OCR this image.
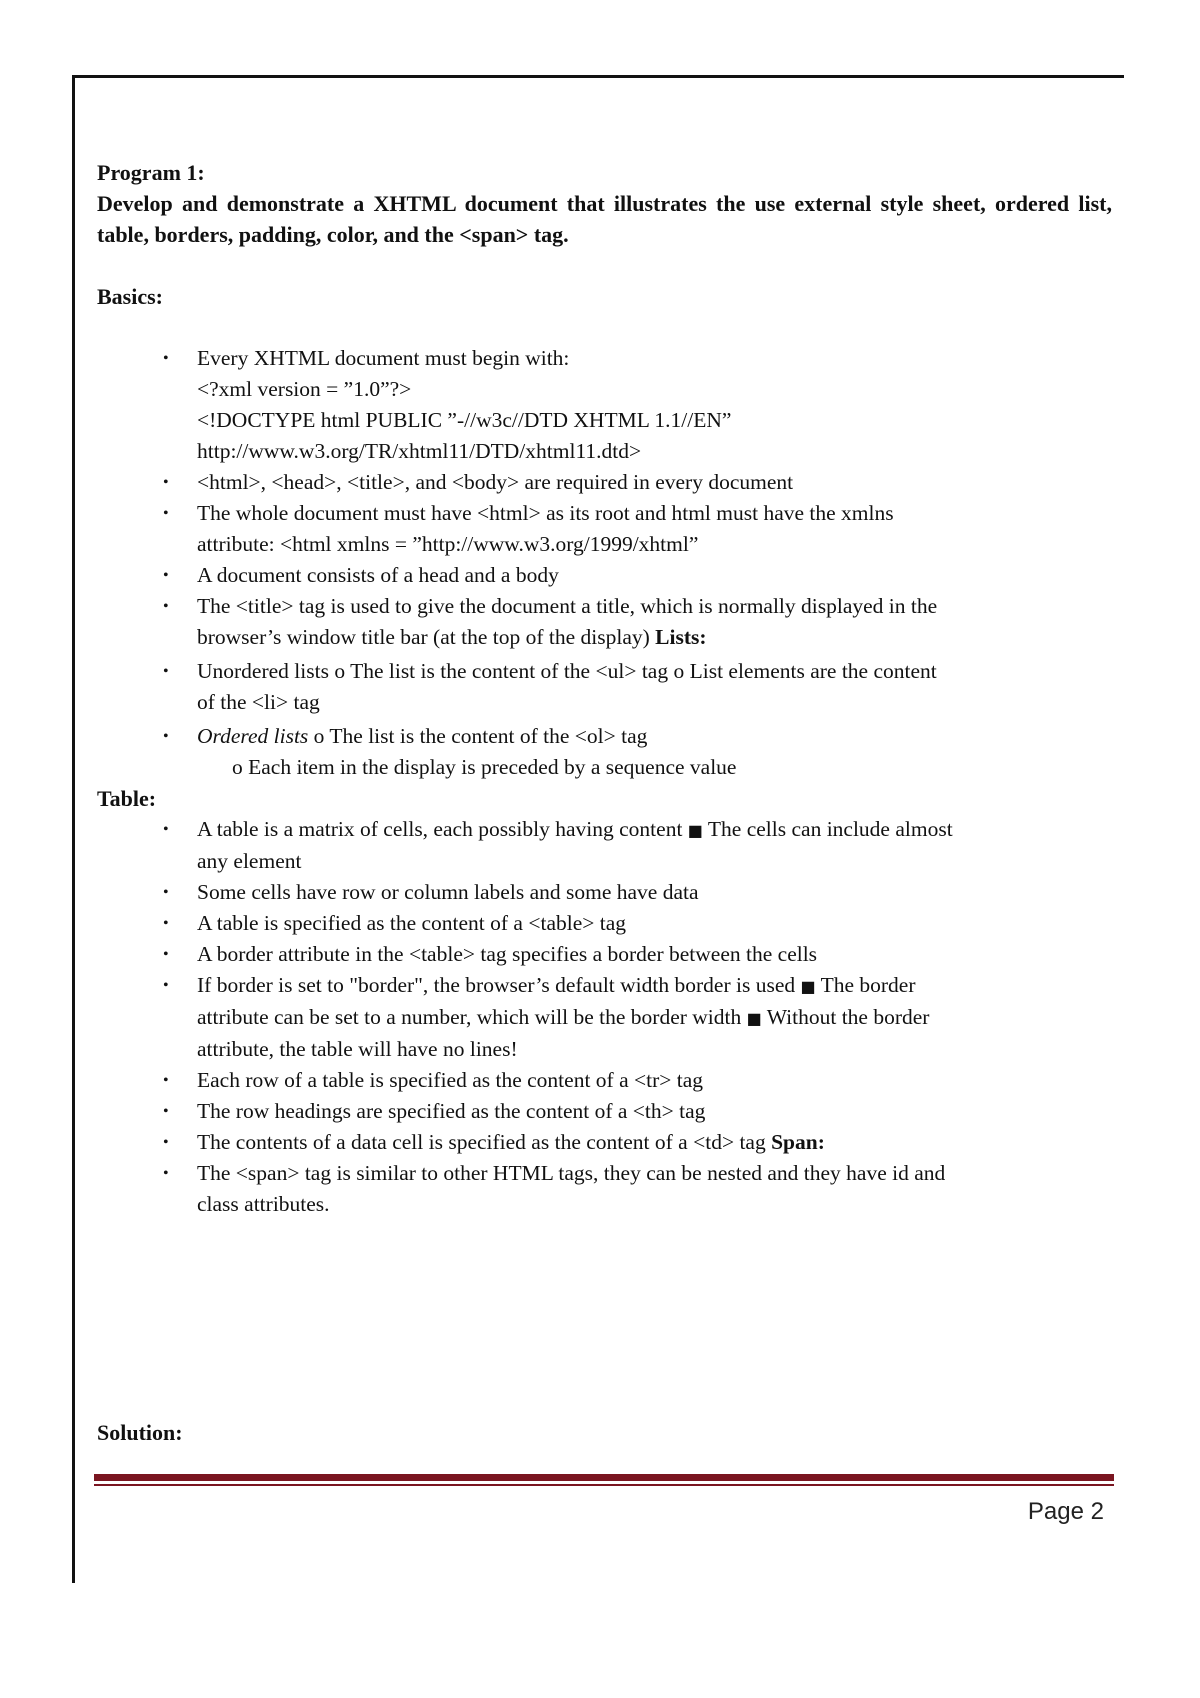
Program 1:

Develop and demonstrate a XHTML document that illustrates the use external style sheet, ordered list, table, borders, padding, color, and the <span> tag.

Basics:

• Every XHTML document must begin with:
<?xml version = ”1.0”?>
<!DOCTYPE html PUBLIC ”-//w3c//DTD XHTML 1.1//EN”
http://www.w3.org/TR/xhtml11/DTD/xhtml11.dtd>
• <html>, <head>, <title>, and <body> are required in every document
• The whole document must have <html> as its root and html must have the xmlns
attribute: <html xmlns = ”http://www.w3.org/1999/xhtml”
• A document consists of a head and a body
• The <title> tag is used to give the document a title, which is normally displayed in the
browser’s window title bar (at the top of the display) Lists:
• Unordered lists o The list is the content of the <ul> tag o List elements are the content
of the <li> tag
• Ordered lists o The list is the content of the <ol> tag

o Each item in the display is preceded by a sequence value

Table:

• A table is a matrix of cells, each possibly having content ■ The cells can include almost
any element
• Some cells have row or column labels and some have data
• A table is specified as the content of a <table> tag
• A border attribute in the <table> tag specifies a border between the cells
• If border is set to "border", the browser’s default width border is used ■ The border
attribute can be set to a number, which will be the border width ■ Without the border
attribute, the table will have no lines!
• Each row of a table is specified as the content of a <tr> tag
• The row headings are specified as the content of a <th> tag
• The contents of a data cell is specified as the content of a <td> tag Span:
• The <span> tag is similar to other HTML tags, they can be nested and they have id and
class attributes.
Solution:
Page 2
